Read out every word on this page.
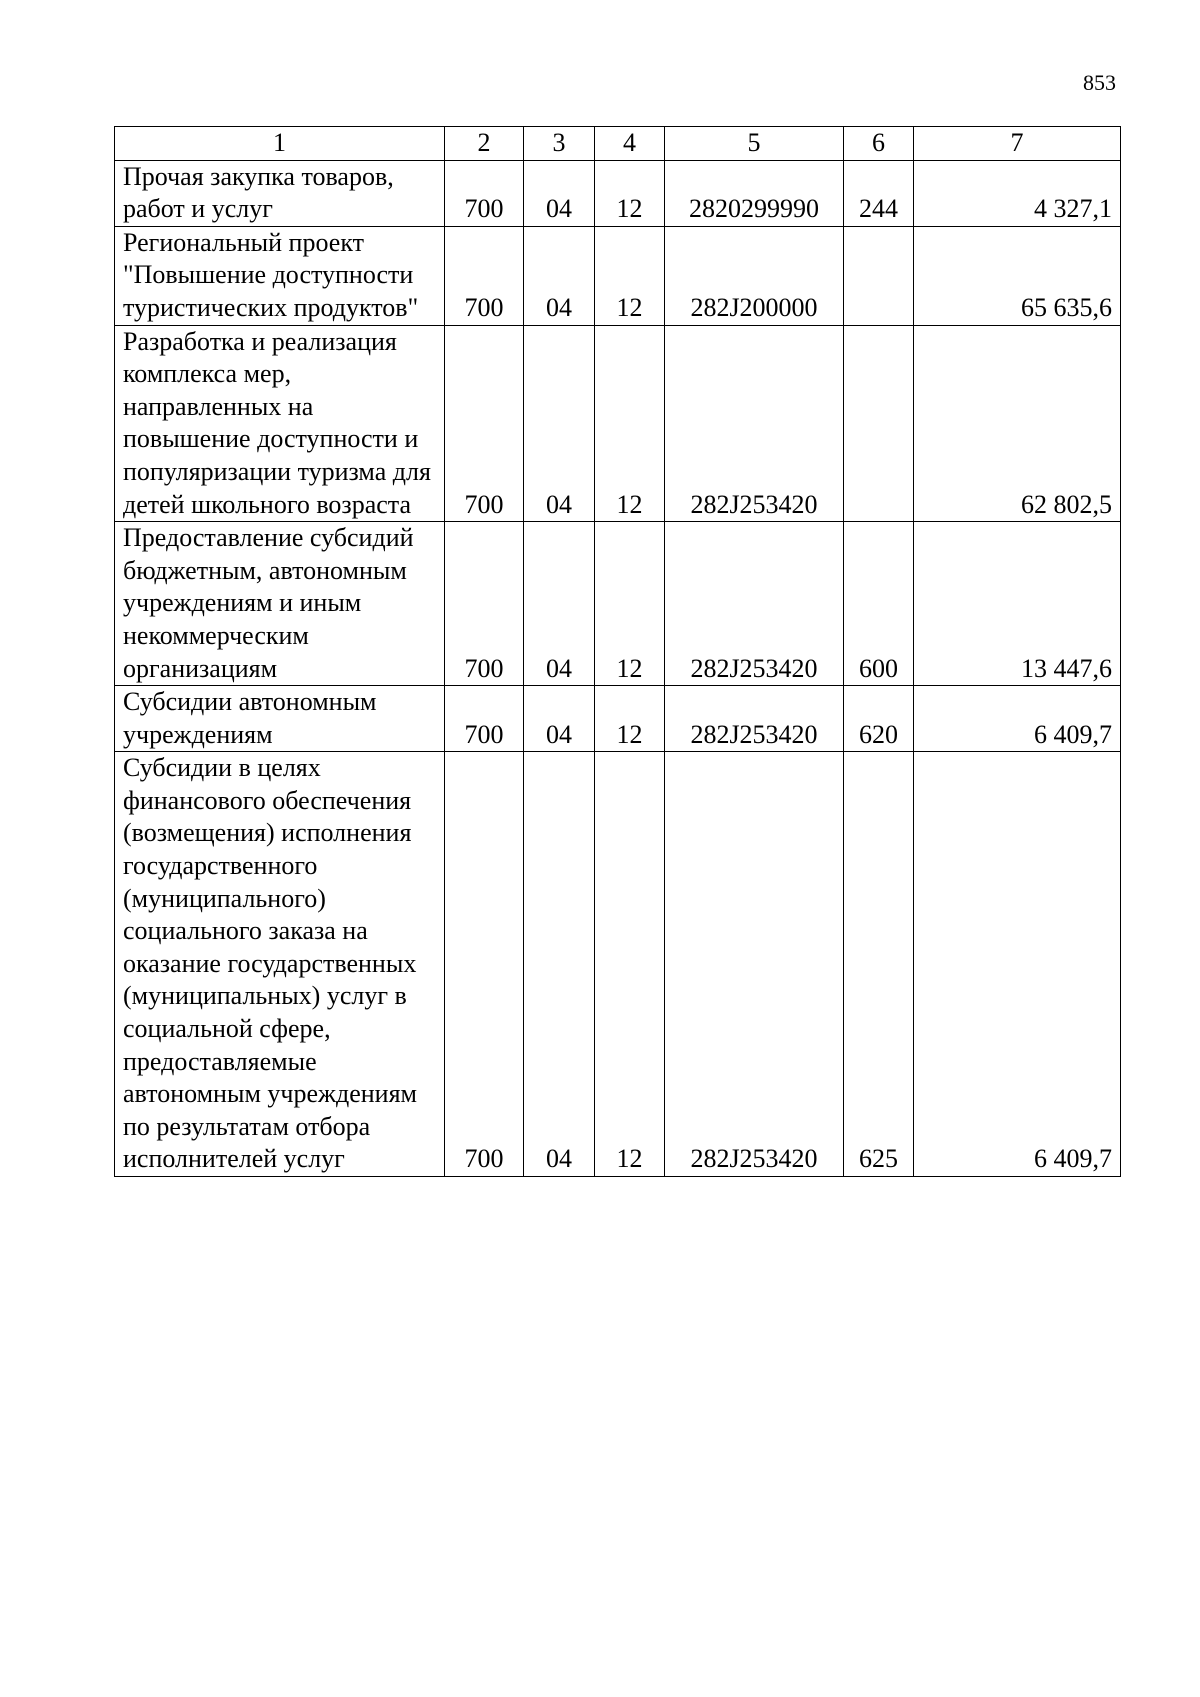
853
1	2	3	4	5	6	7
Прочая закупка товаров, работ и услуг	700	04	12	2820299990	244	4 327,1
Региональный проект "Повышение доступности туристических продуктов"	700	04	12	282J200000		65 635,6
Разработка и реализация комплекса мер, направленных на повышение доступности и популяризации туризма для детей школьного возраста	700	04	12	282J253420		62 802,5
Предоставление субсидий бюджетным, автономным учреждениям и иным некоммерческим организациям	700	04	12	282J253420	600	13 447,6
Субсидии автономным учреждениям	700	04	12	282J253420	620	6 409,7
Субсидии в целях финансового обеспечения (возмещения) исполнения государственного (муниципального) социального заказа на оказание государственных (муниципальных) услуг в социальной сфере, предоставляемые автономным учреждениям по результатам отбора исполнителей услуг	700	04	12	282J253420	625	6 409,7
